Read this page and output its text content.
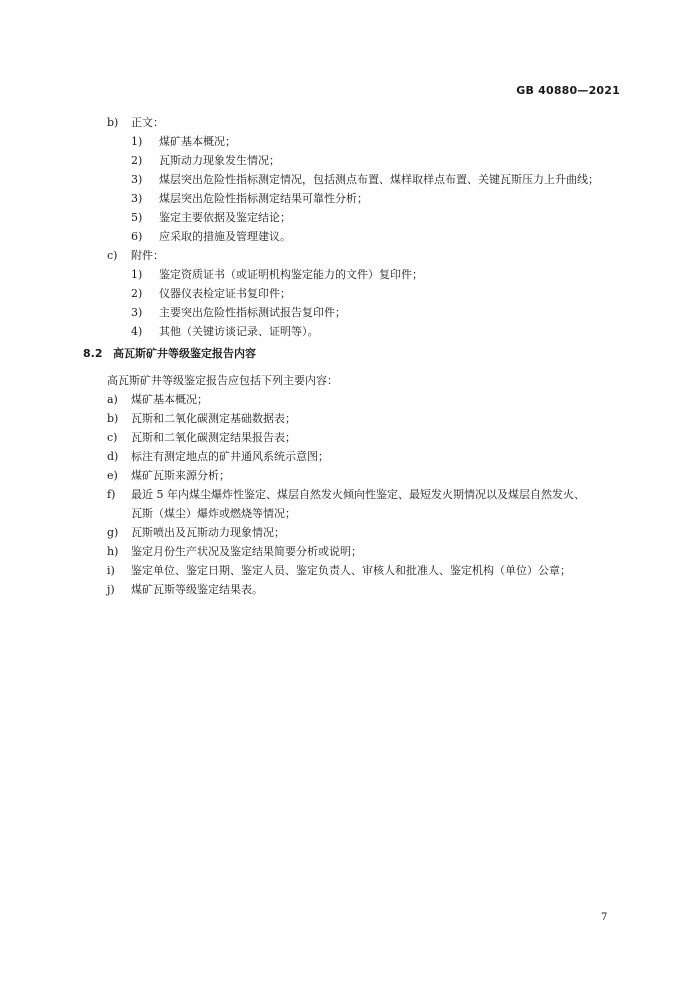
GB 40880—2021
b) 正文：
1) 煤矿基本概况；
2) 瓦斯动力现象发生情况；
3) 煤层突出危险性指标测定情况，包括测点布置、煤样取样点布置、关键瓦斯压力上升曲线；
3) 煤层突出危险性指标测定结果可靠性分析；
5) 鉴定主要依据及鉴定结论；
6) 应采取的措施及管理建议。
c) 附件：
1) 鉴定资质证书（或证明机构鉴定能力的文件）复印件；
2) 仪器仪表检定证书复印件；
3) 主要突出危险性指标测试报告复印件；
4) 其他（关键访谈记录、证明等）。
8.2 高瓦斯矿井等级鉴定报告内容
高瓦斯矿井等级鉴定报告应包括下列主要内容：
a) 煤矿基本概况；
b) 瓦斯和二氧化碳测定基础数据表；
c) 瓦斯和二氧化碳测定结果报告表；
d) 标注有测定地点的矿井通风系统示意图；
e) 煤矿瓦斯来源分析；
f) 最近 5 年内煤尘爆炸性鉴定、煤层自然发火倾向性鉴定、最短发火期情况以及煤层自然发火、
瓦斯（煤尘）爆炸或燃烧等情况；
g) 瓦斯喷出及瓦斯动力现象情况；
h) 鉴定月份生产状况及鉴定结果简要分析或说明；
i) 鉴定单位、鉴定日期、鉴定人员、鉴定负责人、审核人和批准人、鉴定机构（单位）公章；
j) 煤矿瓦斯等级鉴定结果表。
7
